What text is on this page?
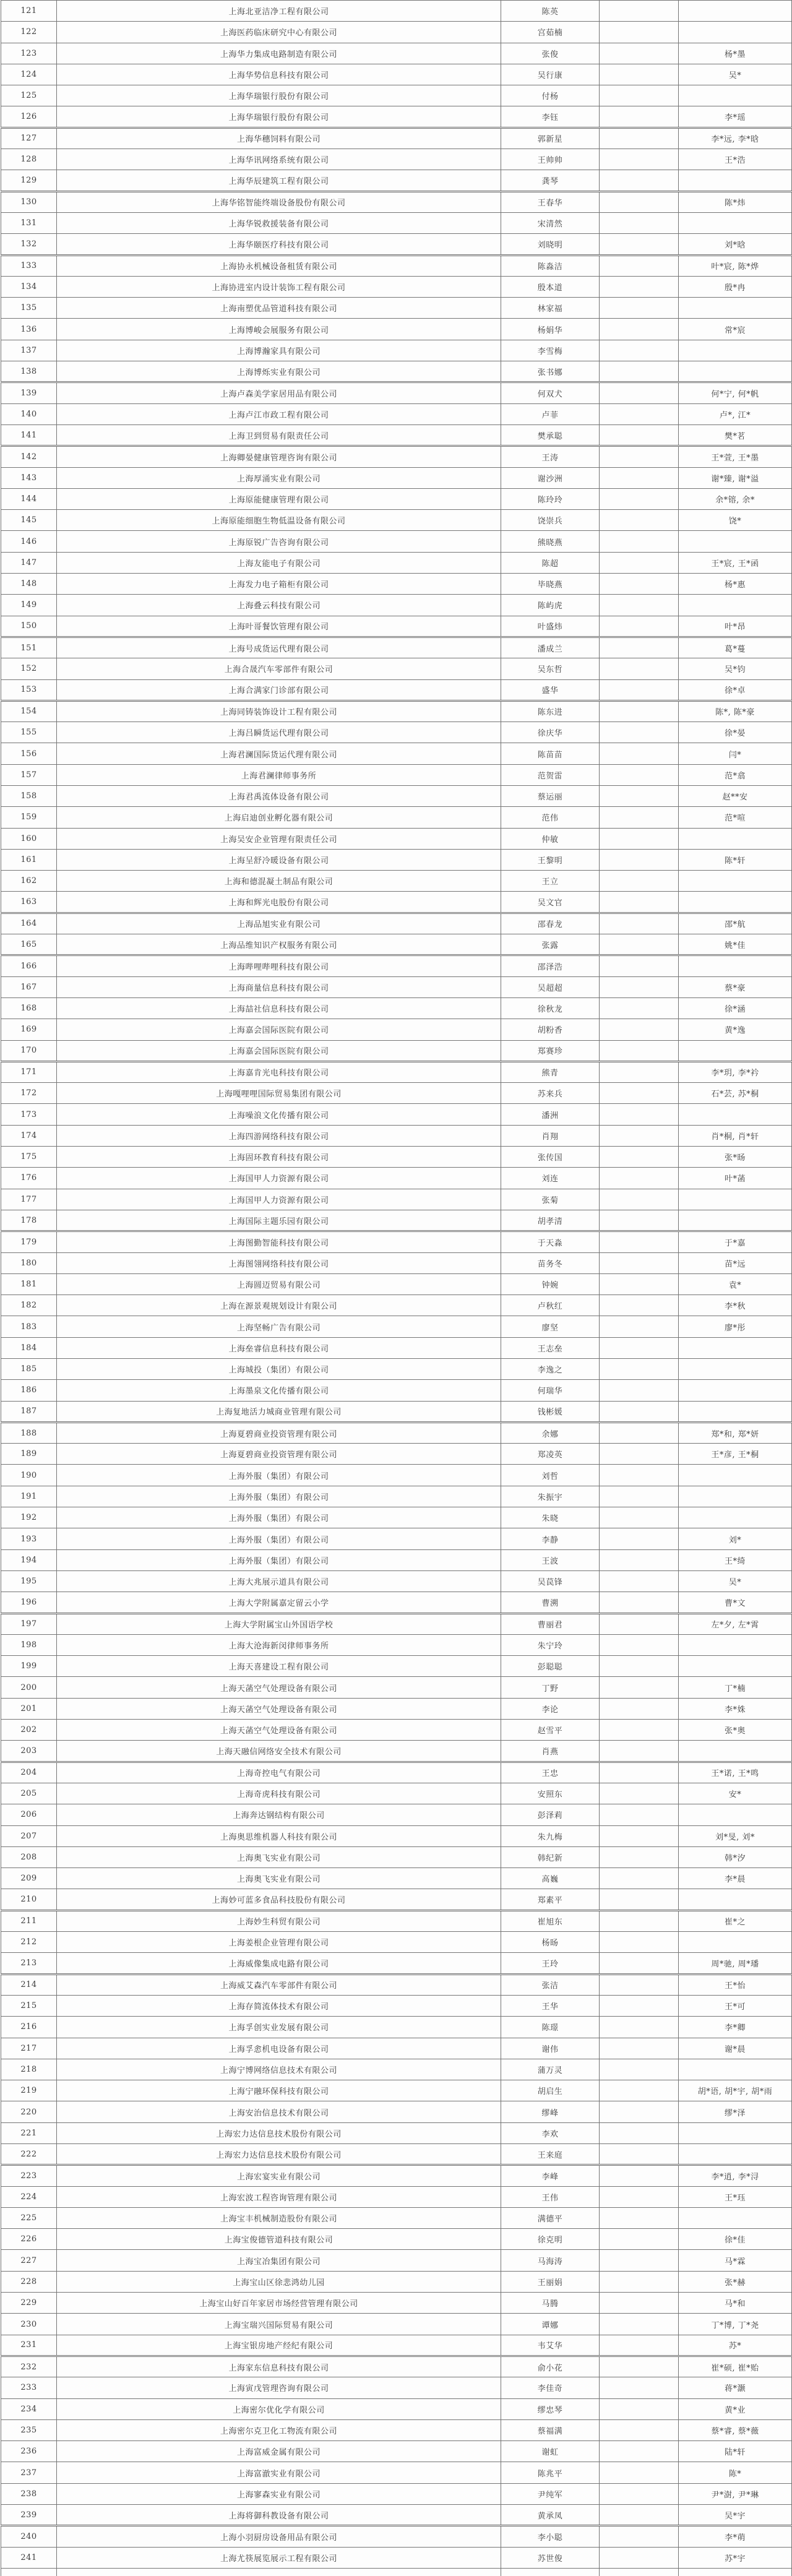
121	上海北亚洁净工程有限公司	陈英		
122	上海医药临床研究中心有限公司	宫茹楠		
123	上海华力集成电路制造有限公司	张俊		杨*墨
124	上海华势信息科技有限公司	吴行康		吴*
125	上海华瑞银行股份有限公司	付杨		
126	上海华瑞银行股份有限公司	李钰		李*瑶
127	上海华穗饲料有限公司	郭新星		李*远, 李*晗
128	上海华讯网络系统有限公司	王帅帅		王*浩
129	上海华辰建筑工程有限公司	龚琴		
130	上海华铭智能终端设备股份有限公司	王春华		陈*炜
131	上海华锐救援装备有限公司	宋清然		
132	上海华颐医疗科技有限公司	刘晓明		刘*晗
133	上海协永机械设备租赁有限公司	陈淼洁		叶*宸, 陈*烨
134	上海协进室内设计装饰工程有限公司	殷本道		殷*冉
135	上海南塑优品管道科技有限公司	林家福		
136	上海博峻会展服务有限公司	杨娟华		常*宸
137	上海博瀚家具有限公司	李雪梅		
138	上海博烁实业有限公司	张书娜		
139	上海卢森美学家居用品有限公司	何双犬		何*宁, 何*帆
140	上海卢江市政工程有限公司	卢菲		卢*, 江*
141	上海卫到贸易有限责任公司	樊承聪		樊*茗
142	上海卿晏健康管理咨询有限公司	王涛		王*萱, 王*墨
143	上海厚涌实业有限公司	谢沙洲		谢*臻, 谢*溢
144	上海原能健康管理有限公司	陈玲玲		余*镕, 余*
145	上海原能细胞生物低温设备有限公司	饶崇兵		饶*
146	上海原锐广告咨询有限公司	熊晓燕		
147	上海友能电子有限公司	陈超		王*宸, 王*函
148	上海发力电子箱柜有限公司	毕晓燕		杨*惠
149	上海叠云科技有限公司	陈屿虎		
150	上海叶哥餐饮管理有限公司	叶盛炜		叶*昂
151	上海号成货运代理有限公司	潘成兰		葛*蔓
152	上海合晟汽车零部件有限公司	吴东哲		吴*钧
153	上海合满家门诊部有限公司	盛华		徐*卓
154	上海同铸装饰设计工程有限公司	陈东进		陈*, 陈*豪
155	上海吕瞬货运代理有限公司	徐庆华		徐*晏
156	上海君澜国际货运代理有限公司	陈苗苗		闫*
157	上海君澜律师事务所	范贺雷		范*翕
158	上海君禹流体设备有限公司	蔡运丽		赵**安
159	上海启迪创业孵化器有限公司	范伟		范*喧
160	上海吴安企业管理有限责任公司	仲敏		
161	上海呈舒冷暖设备有限公司	王黎明		陈*轩
162	上海和德混凝土制品有限公司	王立		
163	上海和辉光电股份有限公司	吴文官		
164	上海品旭实业有限公司	邵春龙		邵*航
165	上海品维知识产权服务有限公司	张露		姚*佳
166	上海哔哩哔哩科技有限公司	邵泽浩		
167	上海商量信息科技有限公司	吴超超		蔡*豪
168	上海喆社信息科技有限公司	徐秋龙		徐*涵
169	上海嘉会国际医院有限公司	胡粉香		黄*逸
170	上海嘉会国际医院有限公司	郑赛珍		
171	上海嘉肯光电科技有限公司	熊青		李*玥, 李*衿
172	上海嘎哩哩国际贸易集团有限公司	苏来兵		石*芸, 苏*桐
173	上海噪浪文化传播有限公司	潘洲		
174	上海四游网络科技有限公司	肖翔		肖*桐, 肖*轩
175	上海固环教育科技有限公司	张传国		张*旸
176	上海国甲人力资源有限公司	刘连		叶*菡
177	上海国甲人力资源有限公司	张菊		
178	上海国际主题乐园有限公司	胡孝清		
179	上海图勤智能科技有限公司	于天淼		于*嘉
180	上海图翎网络科技有限公司	苗务冬		苗*远
181	上海圆迈贸易有限公司	钟婉		袁*
182	上海在源景观规划设计有限公司	卢秋红		李*秋
183	上海坚畅广告有限公司	廖坚		廖*彤
184	上海垒睿信息科技有限公司	王志垒		
185	上海城投（集团）有限公司	李逸之		
186	上海墨泉文化传播有限公司	何瑞华		
187	上海复地活力城商业管理有限公司	钱彬媛		
188	上海夏碧商业投资管理有限公司	余娜		郑*和, 郑*妍
189	上海夏碧商业投资管理有限公司	郑凌英		王*彦, 王*桐
190	上海外服（集团）有限公司	刘哲		
191	上海外服（集团）有限公司	朱振宇		
192	上海外服（集团）有限公司	朱晓		
193	上海外服（集团）有限公司	李静		刘*
194	上海外服（集团）有限公司	王波		王*绮
195	上海大兆展示道具有限公司	吴苠锋		吴*
196	上海大学附属嘉定留云小学	曹溯		曹*文
197	上海大学附属宝山外国语学校	曹丽君		左*夕, 左*霄
198	上海大沧海新闵律师事务所	朱宁玲		
199	上海天喜建设工程有限公司	彭聪聪		
200	上海天菡空气处理设备有限公司	丁野		丁*楠
201	上海天菡空气处理设备有限公司	李论		李*姝
202	上海天菡空气处理设备有限公司	赵雪平		张*奥
203	上海天融信网络安全技术有限公司	肖燕		
204	上海奇控电气有限公司	王忠		王*诺, 王*鸣
205	上海奇虎科技有限公司	安照东		安*
206	上海奔达钢结构有限公司	彭泽莉		
207	上海奥思维机器人科技有限公司	朱九梅		刘*旻, 刘*
208	上海奥飞实业有限公司	韩纪新		韩*汐
209	上海奥飞实业有限公司	高巍		李*晨
210	上海妙可蓝多食品科技股份有限公司	郑素平		
211	上海妙生科贸有限公司	崔旭东		崔*之
212	上海姜根企业管理有限公司	杨旸		
213	上海威像集成电路有限公司	王玲		周*驰, 周*璠
214	上海威艾森汽车零部件有限公司	张洁		王*怡
215	上海存简流体技术有限公司	王华		王*可
216	上海孚创实业发展有限公司	陈璟		李*卿
217	上海孚悆机电设备有限公司	谢伟		谢*晨
218	上海宁博网络信息技术有限公司	蒲万灵		
219	上海宁融环保科技有限公司	胡启生		胡*语, 胡*宇, 胡*雨
220	上海安治信息技术有限公司	缪峰		缪*泽
221	上海宏力达信息技术股份有限公司	李欢		
222	上海宏力达信息技术股份有限公司	王来庭		
223	上海宏宴实业有限公司	李峰		李*逍, 李*浔
224	上海宏波工程咨询管理有限公司	王伟		王*珏
225	上海宝丰机械制造股份有限公司	满德平		
226	上海宝俊德管道科技有限公司	徐克明		徐*佳
227	上海宝冶集团有限公司	马海涛		马*霖
228	上海宝山区徐悲鸿幼儿园	王丽娟		张*赫
229	上海宝山好百年家居市场经营管理有限公司	马腾		马*和
230	上海宝瑞兴国际贸易有限公司	谭娜		丁*博, 丁*尧
231	上海宝银房地产经纪有限公司	韦艾华		苏*
232	上海家东信息科技有限公司	俞小花		崔*硕, 崔*贻
233	上海寅戊管理咨询有限公司	李佳奇		蒋*灏
234	上海密尔优化学有限公司	缪忠琴		黄*业
235	上海密尔克卫化工物流有限公司	蔡福满		蔡*睿, 蔡*薇
236	上海富威金属有限公司	谢虹		陆*轩
237	上海富澈实业有限公司	陈兆平		陈*
238	上海寥森实业有限公司	尹纯军		尹*澍, 尹*琳
239	上海将御科教设备有限公司	黄承凤		吴*宇
240	上海小羽厨房设备用品有限公司	李小聪		李*萌
241	上海尤筷展览展示工程有限公司	苏世俊		苏*宇
